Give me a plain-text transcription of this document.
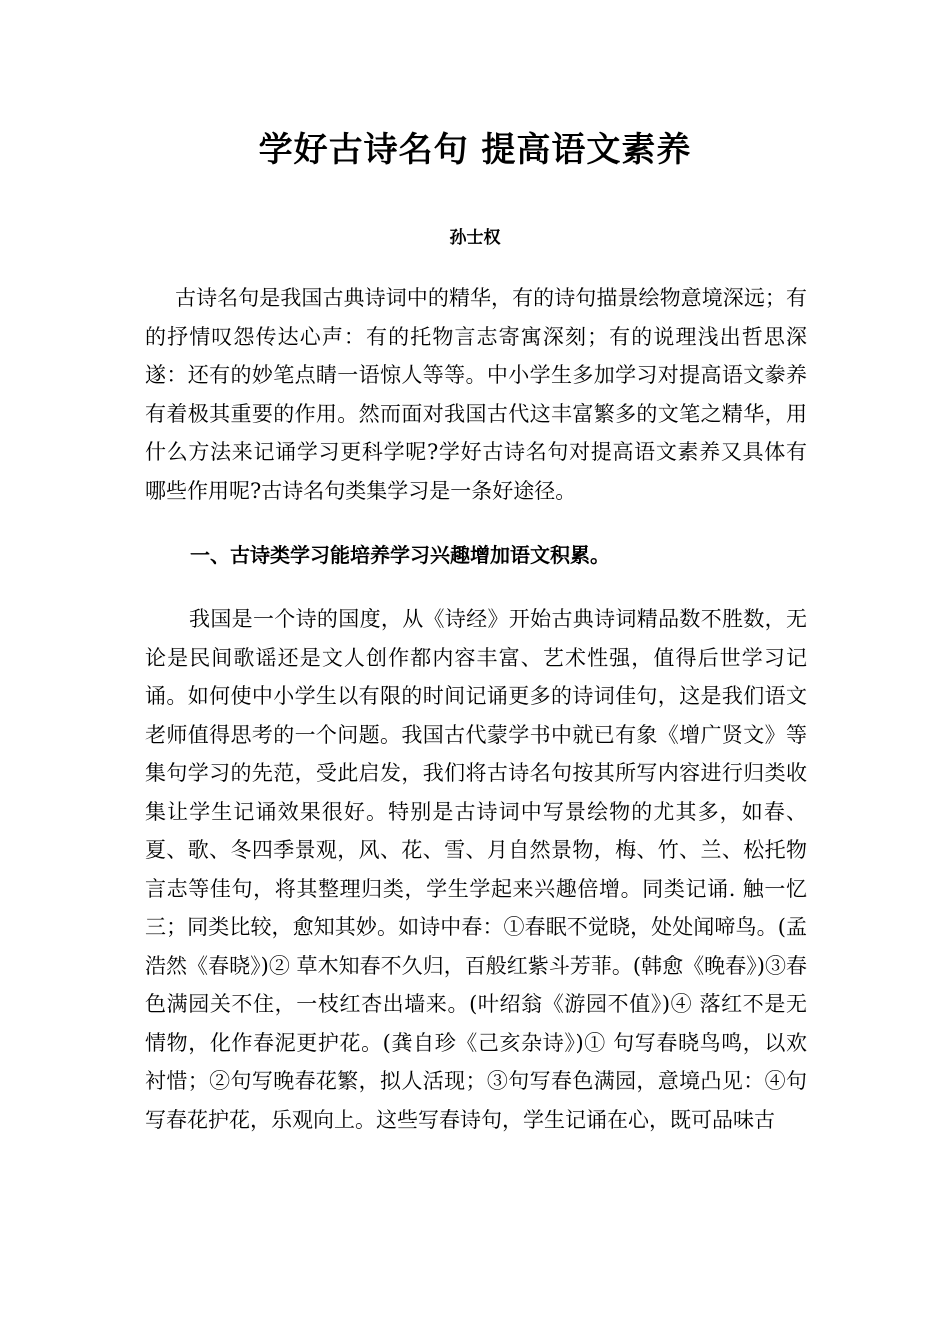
学好古诗名句 提高语文素养

孙士权

古诗名句是我国古典诗词中的精华，有的诗句描景绘物意境深远；有的抒情叹怨传达心声：有的托物言志寄寓深刻；有的说理浅出哲思深遂：还有的妙笔点睛一语惊人等等。中小学生多加学习对提高语文豢养有着极其重要的作用。然而面对我国古代这丰富繁多的文笔之精华，用什么方法来记诵学习更科学呢?学好古诗名句对提高语文素养又具体有哪些作用呢?古诗名句类集学习是一条好途径。

一、古诗类学习能培养学习兴趣增加语文积累。

我国是一个诗的国度，从《诗经》开始古典诗词精品数不胜数，无论是民间歌谣还是文人创作都内容丰富、艺术性强，值得后世学习记诵。如何使中小学生以有限的时间记诵更多的诗词佳句，这是我们语文老师值得思考的一个问题。我国古代蒙学书中就已有象《增广贤文》等集句学习的先范，受此启发，我们将古诗名句按其所写内容进行归类收集让学生记诵效果很好。特别是古诗词中写景绘物的尤其多，如春、夏、歌、冬四季景观，风、花、雪、月自然景物，梅、竹、兰、松托物言志等佳句，将其整理归类，学生学起来兴趣倍增。同类记诵. 触一忆三；同类比较，愈知其妙。如诗中春：①春眠不觉晓，处处闻啼鸟。(孟浩然《春晓》)② 草木知春不久归，百般红紫斗芳菲。(韩愈《晚春》)③春色满园关不住，一枝红杏出墙来。(叶绍翁《游园不值》)④ 落红不是无情物，化作春泥更护花。(龚自珍《己亥杂诗》)① 句写春晓鸟鸣，以欢衬惜；②句写晚春花繁，拟人活现；③句写春色满园，意境凸见：④句写春花护花，乐观向上。这些写春诗句，学生记诵在心，既可品味古
